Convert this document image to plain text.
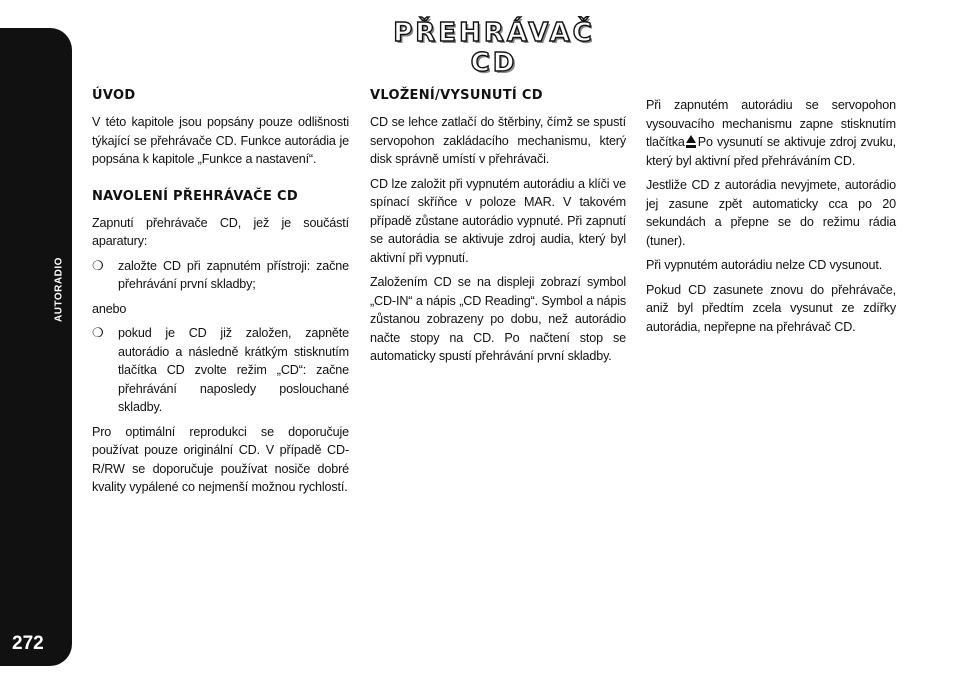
AUTORADIO
272
PŘEHRÁVAČ CD
ÚVOD

V této kapitole jsou popsány pouze odlišnosti týkající se přehrávače CD. Funkce autorádia je popsána k kapitole „Funkce a nastavení“.

NAVOLENÍ PŘEHRÁVAČE CD

Zapnutí přehrávače CD, jež je součástí aparatury:

❍	založte CD při zapnutém přístroji: začne přehrávání první skladby;

anebo

❍	pokud je CD již založen, zapněte autorádio a následně krátkým stisknutím tlačítka CD zvolte režim „CD“: začne přehrávání naposledy poslouchané skladby.

Pro optimální reprodukci se doporučuje používat pouze originální CD. V případě CD-R/RW se doporučuje používat nosiče dobré kvality vypálené co nejmenší možnou rychlostí.

VLOŽENÍ/VYSUNUTÍ CD

CD se lehce zatlačí do štěrbiny, čímž se spustí servopohon zakládacího mechanismu, který disk správně umístí v přehrávači.

CD lze založit při vypnutém autorádiu a klíči ve spínací skříňce v poloze MAR. V takovém případě zůstane autorádio vypnuté. Při zapnutí se autorádia se aktivuje zdroj audia, který byl aktivní při vypnutí.

Založením CD se na displeji zobrazí symbol „CD-IN“ a nápis „CD Reading“. Symbol a nápis zůstanou zobrazeny po dobu, než autorádio načte stopy na CD. Po načtení stop se automaticky spustí přehrávání první skladby.

Při zapnutém autorádiu se servopohon vysouvacího mechanismu zapne stisknutím tlačítka Po vysunutí se aktivuje zdroj zvuku, který byl aktivní před přehráváním CD.

Jestliže CD z autorádia nevyjmete, autorádio jej zasune zpět automaticky cca po 20 sekundách a přepne se do režimu rádia (tuner).

Při vypnutém autorádiu nelze CD vysunout.

Pokud CD zasunete znovu do přehrávače, aniž byl předtím zcela vysunut ze zdířky autorádia, nepřepne na přehrávač CD.
